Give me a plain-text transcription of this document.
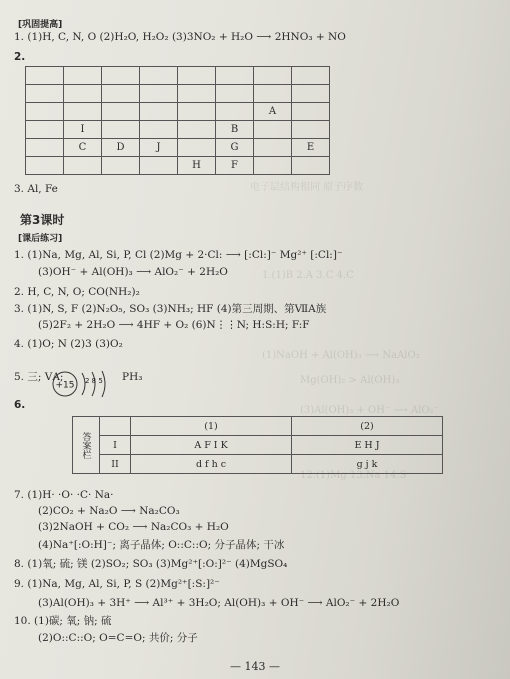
电子层结构相同 原子序数
1.(1)B 2.A 3.C 4.C
(1)NaOH + Al(OH)₃ ⟶ NaAlO₂
Mg(OH)₂ > Al(OH)₃
(3)Al(OH)₃ + OH⁻ ⟶ AlO₂⁻
12.(1)Mg 13.Na 14.S
[巩固提高]
1. (1)H, C, N, O (2)H₂O, H₂O₂ (3)3NO₂ + H₂O ⟶ 2HNO₃ + NO
2.

						A	
	I				B		
	C	D	J		G		E
				H	F		
3. Al, Fe
第3课时
[课后练习]
1. (1)Na, Mg, Al, Si, P, Cl (2)Mg + 2·Cl: ⟶ [:Cl:]⁻ Mg²⁺ [:Cl:]⁻
(3)OH⁻ + Al(OH)₃ ⟶ AlO₂⁻ + 2H₂O
2. H, C, N, O; CO(NH₂)₂
3. (1)N, S, F (2)N₂O₅, SO₃ (3)NH₃; HF (4)第三周期、第ⅦA族
(5)2F₂ + 2H₂O ⟶ 4HF + O₂ (6)N⋮⋮N; H:S:H; F:F
4. (1)O; N (2)3 (3)O₂
5. 三; ⅤA;
+15 2 8 5 PH₃
6.
答案栏		(1)	(2)
	I	A F I K	E H J
	II	d f h c	g j k
7. (1)H· ·O· ·C· Na·
(2)CO₂ + Na₂O ⟶ Na₂CO₃
(3)2NaOH + CO₂ ⟶ Na₂CO₃ + H₂O
(4)Na⁺[:O:H]⁻; 离子晶体; O::C::O; 分子晶体; 干冰
8. (1)氧; 硫; 镁 (2)SO₂; SO₃ (3)Mg²⁺[:O:]²⁻ (4)MgSO₄
9. (1)Na, Mg, Al, Si, P, S (2)Mg²⁺[:S:]²⁻
(3)Al(OH)₃ + 3H⁺ ⟶ Al³⁺ + 3H₂O; Al(OH)₃ + OH⁻ ⟶ AlO₂⁻ + 2H₂O
10. (1)碳; 氧; 钠; 硫
(2)O::C::O; O=C=O; 共价; 分子
— 143 —
